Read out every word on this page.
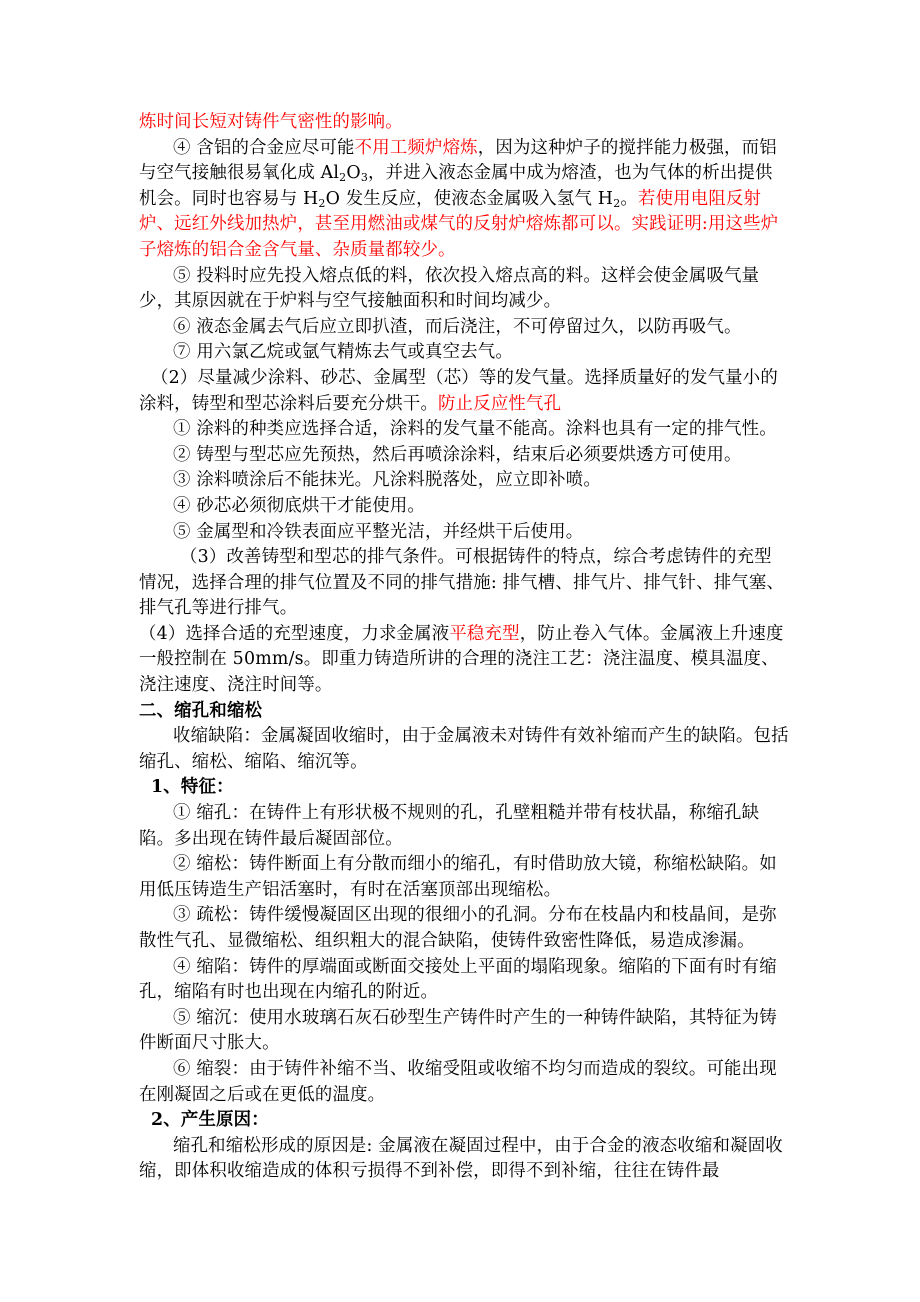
炼时间长短对铸件气密性的影响。

④ 含铝的合金应尽可能不用工频炉熔炼，因为这种炉子的搅拌能力极强，而铝与空气接触很易氧化成 $Al_2O_3$，并进入液态金属中成为熔渣，也为气体的析出提供机会。同时也容易与 $H_2O$ 发生反应，使液态金属吸入氢气 $H_2$。若使用电阻反射炉、远红外线加热炉，甚至用燃油或煤气的反射炉熔炼都可以。实践证明:用这些炉子熔炼的铝合金含气量、杂质量都较少。

⑤ 投料时应先投入熔点低的料，依次投入熔点高的料。这样会使金属吸气量少，其原因就在于炉料与空气接触面积和时间均减少。

⑥ 液态金属去气后应立即扒渣，而后浇注，不可停留过久，以防再吸气。

⑦ 用六氯乙烷或氩气精炼去气或真空去气。

（2）尽量减少涂料、砂芯、金属型（芯）等的发气量。选择质量好的发气量小的涂料，铸型和型芯涂料后要充分烘干。防止反应性气孔

① 涂料的种类应选择合适，涂料的发气量不能高。涂料也具有一定的排气性。

② 铸型与型芯应先预热，然后再喷涂涂料，结束后必须要烘透方可使用。

③ 涂料喷涂后不能抹光。凡涂料脱落处，应立即补喷。

④ 砂芯必须彻底烘干才能使用。

⑤ 金属型和冷铁表面应平整光洁，并经烘干后使用。

（3）改善铸型和型芯的排气条件。可根据铸件的特点，综合考虑铸件的充型情况，选择合理的排气位置及不同的排气措施: 排气槽、排气片、排气针、排气塞、排气孔等进行排气。

（4）选择合适的充型速度，力求金属液平稳充型，防止卷入气体。金属液上升速度一般控制在 50mm/s。即重力铸造所讲的合理的浇注工艺：浇注温度、模具温度、浇注速度、浇注时间等。

二、缩孔和缩松

收缩缺陷：金属凝固收缩时，由于金属液未对铸件有效补缩而产生的缺陷。包括缩孔、缩松、缩陷、缩沉等。

1、特征：

① 缩孔：在铸件上有形状极不规则的孔，孔壁粗糙并带有枝状晶，称缩孔缺陷。多出现在铸件最后凝固部位。

② 缩松：铸件断面上有分散而细小的缩孔，有时借助放大镜，称缩松缺陷。如用低压铸造生产铝活塞时，有时在活塞顶部出现缩松。

③ 疏松：铸件缓慢凝固区出现的很细小的孔洞。分布在枝晶内和枝晶间，是弥散性气孔、显微缩松、组织粗大的混合缺陷，使铸件致密性降低，易造成渗漏。

④ 缩陷：铸件的厚端面或断面交接处上平面的塌陷现象。缩陷的下面有时有缩孔，缩陷有时也出现在内缩孔的附近。

⑤ 缩沉：使用水玻璃石灰石砂型生产铸件时产生的一种铸件缺陷，其特征为铸件断面尺寸胀大。

⑥ 缩裂：由于铸件补缩不当、收缩受阻或收缩不均匀而造成的裂纹。可能出现在刚凝固之后或在更低的温度。

2、产生原因：

缩孔和缩松形成的原因是: 金属液在凝固过程中，由于合金的液态收缩和凝固收缩，即体积收缩造成的体积亏损得不到补偿，即得不到补缩，往往在铸件最
